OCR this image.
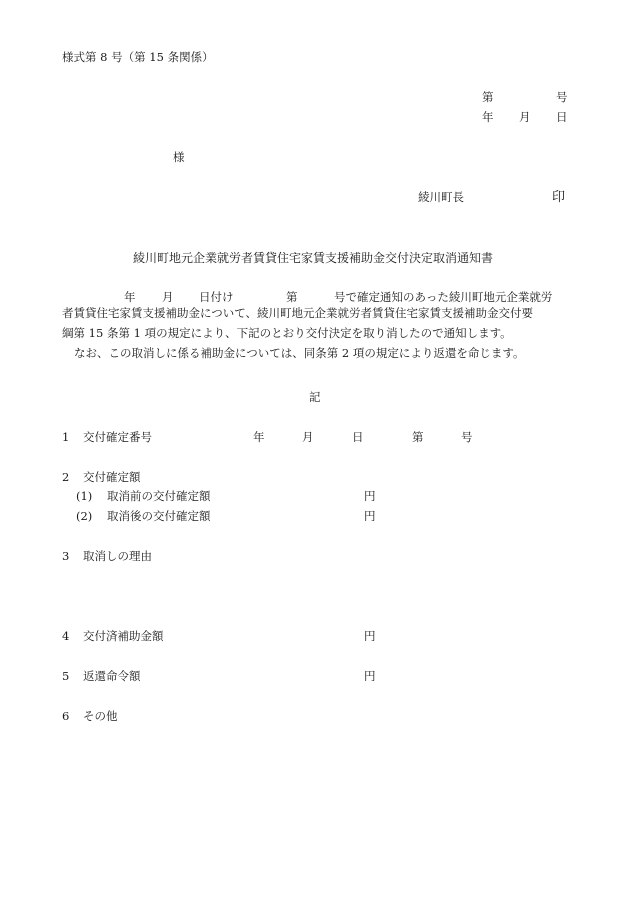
様式第 8 号（第 15 条関係）
第	号
年 月 日
様
綾川町長	印
綾川町地元企業就労者賃貸住宅家賃支援補助金交付決定取消通知書
年 月 日付け	第	号で確定通知のあった綾川町地元企業就労

者賃貸住宅家賃支援補助金について、綾川町地元企業就労者賃貸住宅家賃支援補助金交付要

綱第 15 条第 1 項の規定により、下記のとおり交付決定を取り消したので通知します。

なお、この取消しに係る補助金については、同条第 2 項の規定により返還を命じます。

記
1 交付確定番号	年	月	日	第	号
2 交付確定額
(1) 取消前の交付確定額	円
(2) 取消後の交付確定額	円
3 取消しの理由
4 交付済補助金額	円
5 返還命令額	円
6 その他
